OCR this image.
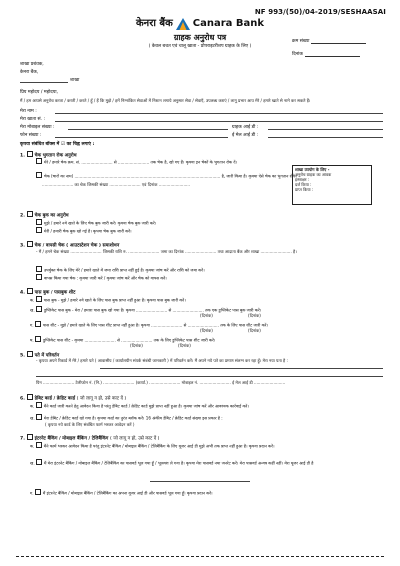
NF 993/(50)/04-2019/SESHAASAI
केनरा बैंक Canara Bank
ग्राहक अनुरोध पत्र
( केवल बचत एवं चालू खाता - प्रोपराइटरीशप ग्राहक के लिए )
क्रम संख्या
दिनांक
शाखा प्रबंधक,
केनरा बैंक,
शाखा
प्रिय महोदय / महोदया,
मैं / हम आपसे अनुरोध करता / करती / करते / हूँ / हैं कि मुझे / हमें निम्नांकित सेवाओं में निशान लगाये अनुसार सेवा / सेवाएँ, उपलब्ध कराएं / लागू प्रभार आप मेरे / हमारे खाते से नामे कर सकते हैं।
मेरा नाम :
मेरा खाता सं. :
मेरा मोबाइल संख्या :	ग्राहक आई डी :
फोन संख्या :	ई मेल आई डी :
कृपया संबंधित बॉक्स में ☑ का चिह्न लगाएं :
1. चेक भुगतान रोक अनुरोध
मेरे / हमारे चेक क्रम. सं. ........................ से ........................ तक चेक है, खो गए हैं। कृपया इन चेकों के भुगतान रोक दें।
चेक (चारों का नाम) ................................................................................................................ है, जारी किया है। कृपया ऐसे चेक का भुगतान रोकें।
........................ का चेक जिसकी संख्या ........................ एवं दिनांक ........................
शाखा उपयोग के लिए -
अनुरोध ग्राहक का आवक
हस्ताक्षर :
दर्ज किया :
प्राप्त किया :
2. चेक बुक का अनुरोध
मुझे / हमारे नये खाते के लिए चेक बुक जारी करें। कृपया चेक बुक जारी करें।
मेरी / हमारी चेक बुक खो गई है। कृपया चेक बुक जारी करें।
3. चेक / वापसी चेक ( आउटस्टेशन चेक ) समाशोधन
- मैं / हमने चेक संख्या ........................ जिसकी राशि रु. ........................ जमा का दिनांक ........................ तथा आदाता बैंक और शाखा ........................ है।
उपर्युक्त चेक के लिए मेरे / हमारे खाते में जमा राशि प्राप्त नहीं हुई है। कृपया जांच करें और राशि को जमा करें।
वापस किया गया चेक : कृपया जारी करें / कृपया जांच करें और चेक को वापस करें।
4. पास बुक / पासबुक शीट
क. पास बुक - मुझे / हमारे नये खाते के लिए पास बुक प्राप्त नहीं हुआ है। कृपया पास बुक जारी करें।
ख. डुप्लिकेट पास बुक - मेरा / हमारा पास बुक खो गया है। कृपया ........................ से ........................ तक एक डुप्लिकेट पास बुक जारी करें।
(दिनांक)	(दिनांक)
ग. पास शीट - मुझे / हमारे खाते के लिए पास शीट प्राप्त नहीं हुआ है। कृपया ........................ से ........................ तक के लिए पास शीट जारी करें।
(दिनांक)	(दिनांक)
घ. डुप्लिकेट पास शीट - कृपया ........................ से ........................ तक के लिए डुप्लिकेट पास शीट जारी करें।
(दिनांक)	(दिनांक)
5. पते में परिवर्तन
- कृपया अपने रिकार्ड में मेरे / हमारे पते ( आवासीय / कार्यालयीन संपर्क संबंधी जानकारी ) में परिवर्तन करें। मैं अपने नये पते का प्रमाण संलग्न कर रहा हूँ। मेरा नया पता है :
पिन ........................ टेलीफोन नं. (नि.) ........................ (कार्या.) ........................ मोबाइल नं. ........................ ई मेल आई डी ........................
6. डेबिट कार्ड / क्रेडिट कार्ड ( जो लागू न हो, उसे काट दें )
क. मैंने कार्ड जारी करने हेतु आवेदन किया है परंतु डेबिट कार्ड / क्रेडिट कार्ड मुझे प्राप्त नहीं हुआ है। कृपया जांच करें और आवश्यक कार्रवाई करें।
ख. मेरा डेबिट / क्रेडिट कार्ड खो गया है। कृपया कार्ड का तुरंत ब्लॉक करें। 16 अंकीय डेबिट / क्रेडिट कार्ड संख्या इस प्रकार है :
( कृपया नये कार्ड के लिए संबंधित फार्म भरकर आवेदन करें )
7. इंटरनेट बैंकिंग / मोबाइल बैंकिंग / टेलिबैंकिंग ( जो लागू न हो, उसे काट दें )
क. मैंने फार्म भरकर आवेदन किया है परंतु इंटरनेट बैंकिंग / मोबाइल बैंकिंग / टेलिबैंकिंग के लिए यूजर आई डी मुझे अभी तक प्राप्त नहीं हुआ है। कृपया प्रदान करें।
ख. मैं मेरा इंटरनेट बैंकिंग / मोबाइल बैंकिंग / टेलिबैंकिंग का पासवर्ड भूल गया हूँ / भूलवश ले गया है। कृपया मेरा पासवर्ड नया जनरेट करें। मेरा पासवर्ड अन्यत्र कहीं नहीं। मेरा यूजर आई डी है
ग. मैं इंटरनेट बैंकिंग / मोबाइल बैंकिंग / टेलिबैंकिंग का अपना यूजर आई डी और पासवर्ड भूल गया हूँ। कृपया प्रदान करें।
